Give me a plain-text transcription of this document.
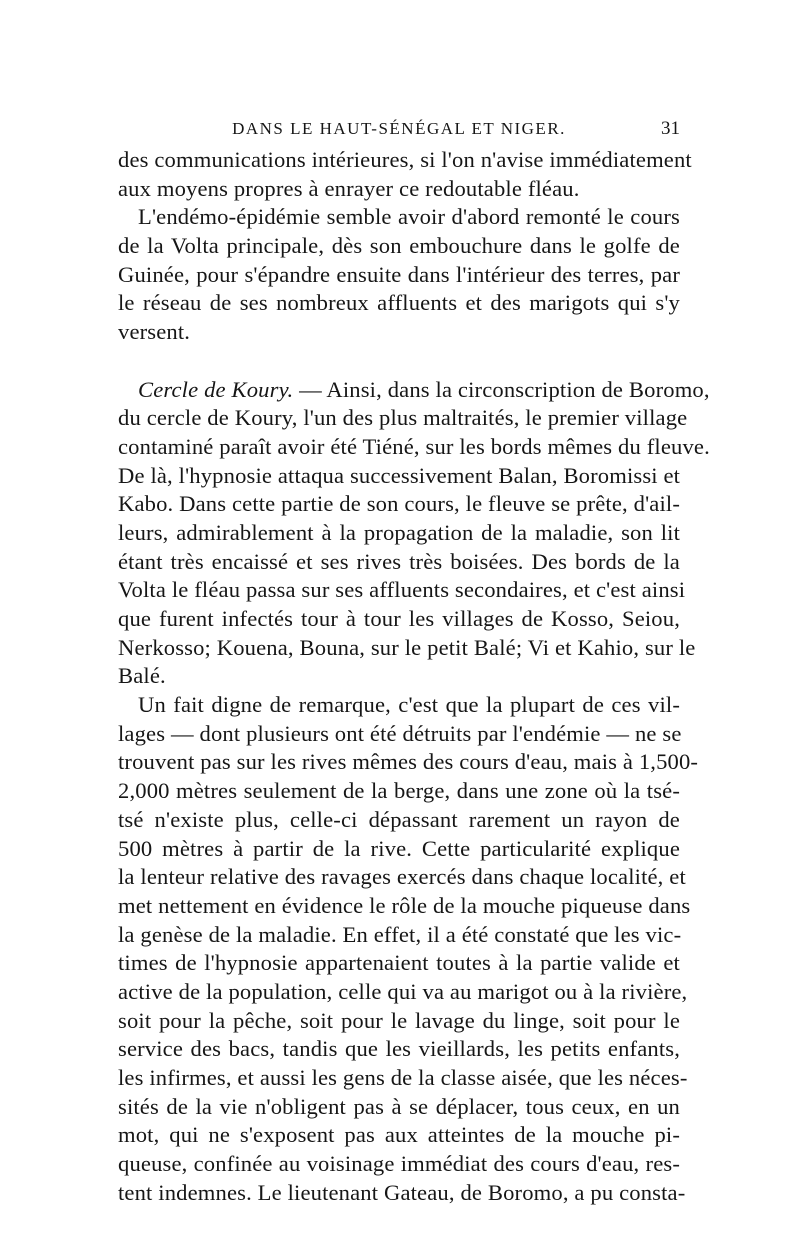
DANS LE HAUT-SÉNÉGAL ET NIGER.	31
des communications intérieures, si l'on n'avise immédiatement
aux moyens propres à enrayer ce redoutable fléau.
L'endémo-épidémie semble avoir d'abord remonté le cours
de la Volta principale, dès son embouchure dans le golfe de
Guinée, pour s'épandre ensuite dans l'intérieur des terres, par
le réseau de ses nombreux affluents et des marigots qui s'y
versent.
Cercle de Koury. — Ainsi, dans la circonscription de Boromo,
du cercle de Koury, l'un des plus maltraités, le premier village
contaminé paraît avoir été Tiéné, sur les bords mêmes du fleuve.
De là, l'hypnosie attaqua successivement Balan, Boromissi et
Kabo. Dans cette partie de son cours, le fleuve se prête, d'ail-
leurs, admirablement à la propagation de la maladie, son lit
étant très encaissé et ses rives très boisées. Des bords de la
Volta le fléau passa sur ses affluents secondaires, et c'est ainsi
que furent infectés tour à tour les villages de Kosso, Seiou,
Nerkosso; Kouena, Bouna, sur le petit Balé; Vi et Kahio, sur le
Balé.
Un fait digne de remarque, c'est que la plupart de ces vil-
lages — dont plusieurs ont été détruits par l'endémie — ne se
trouvent pas sur les rives mêmes des cours d'eau, mais à 1,500-
2,000 mètres seulement de la berge, dans une zone où la tsé-
tsé n'existe plus, celle-ci dépassant rarement un rayon de
500 mètres à partir de la rive. Cette particularité explique
la lenteur relative des ravages exercés dans chaque localité, et
met nettement en évidence le rôle de la mouche piqueuse dans
la genèse de la maladie. En effet, il a été constaté que les vic-
times de l'hypnosie appartenaient toutes à la partie valide et
active de la population, celle qui va au marigot ou à la rivière,
soit pour la pêche, soit pour le lavage du linge, soit pour le
service des bacs, tandis que les vieillards, les petits enfants,
les infirmes, et aussi les gens de la classe aisée, que les néces-
sités de la vie n'obligent pas à se déplacer, tous ceux, en un
mot, qui ne s'exposent pas aux atteintes de la mouche pi-
queuse, confinée au voisinage immédiat des cours d'eau, res-
tent indemnes. Le lieutenant Gateau, de Boromo, a pu consta-
